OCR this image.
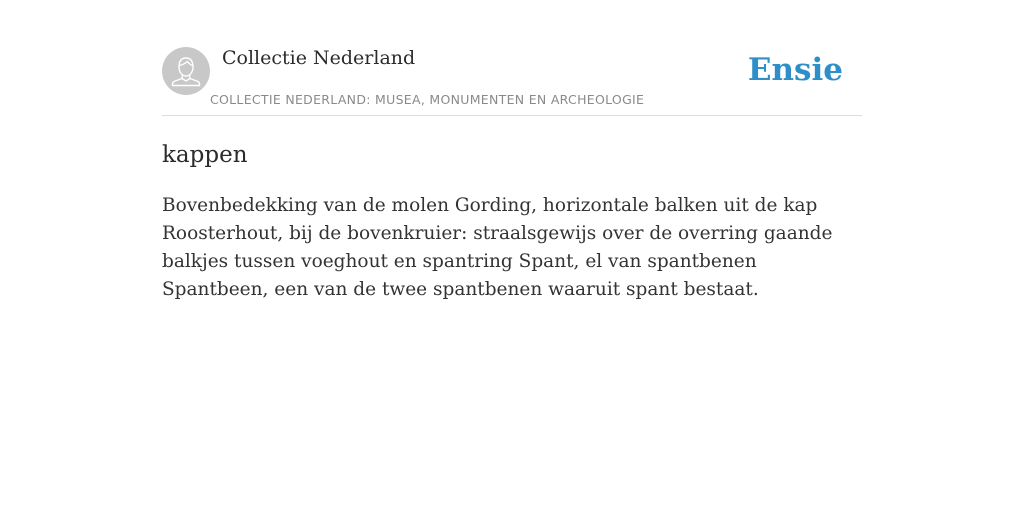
Collectie Nederland
COLLECTIE NEDERLAND: MUSEA, MONUMENTEN EN ARCHEOLOGIE
Ensie
kappen

Bovenbedekking van de molen Gording, horizontale balken uit de kap Roosterhout, bij de bovenkruier: straalsgewijs over de overring gaande balkjes tussen voeghout en spantring Spant, el van spantbenen Spantbeen, een van de twee spantbenen waaruit spant bestaat.
